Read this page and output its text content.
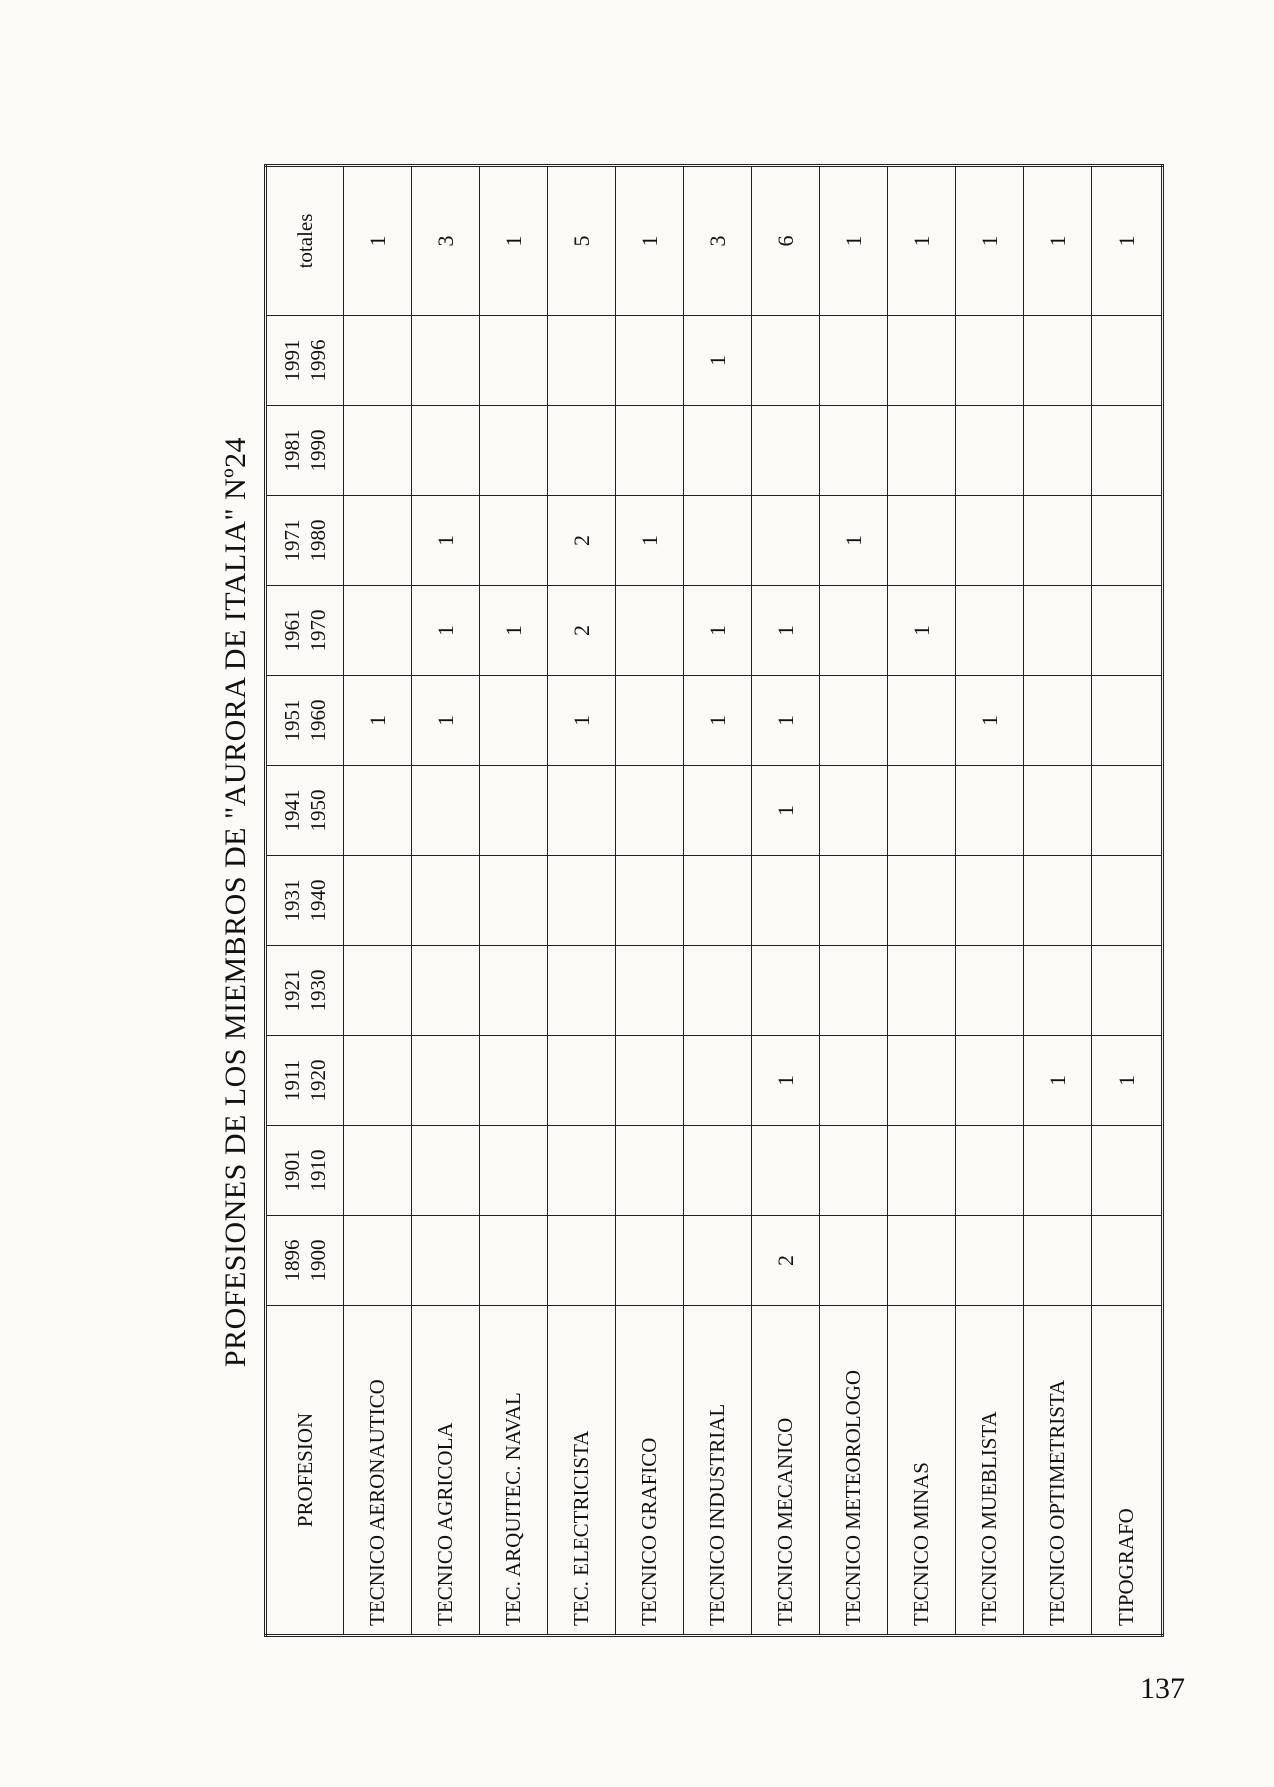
PROFESIONES DE LOS MIEMBROS DE "AURORA DE ITALIA" Nº24
PROFESION	1896 1900	1901 1910	1911 1920	1921 1930	1931 1940	1941 1950	1951 1960	1961 1970	1971 1980	1981 1990	1991 1996	totales
TECNICO AERONAUTICO							1					1
TECNICO AGRICOLA							1	1	1			3
TEC. ARQUITEC. NAVAL								1				1
TEC. ELECTRICISTA							1	2	2			5
TECNICO GRAFICO									1			1
TECNICO INDUSTRIAL							1	1			1	3
TECNICO MECANICO	2		1			1	1	1				6
TECNICO METEOROLOGO									1			1
TECNICO MINAS								1				1
TECNICO MUEBLISTA							1					1
TECNICO OPTIMETRISTA			1									1
TIPOGRAFO			1									1
137
